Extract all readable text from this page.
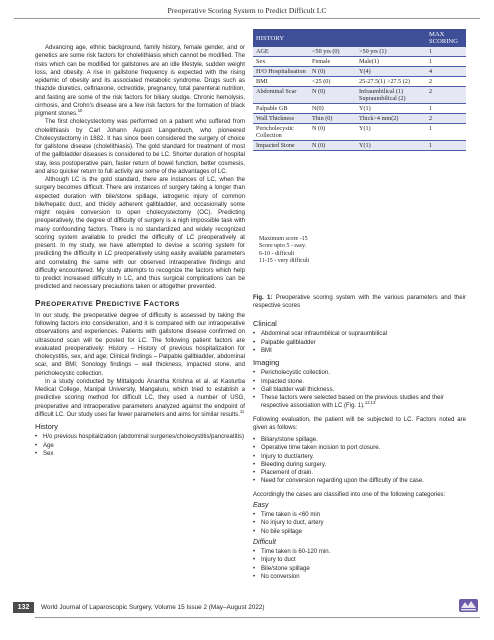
Preoperative Scoring System to Predict Difficult LC

Advancing age, ethnic background, family history, female gender, and or genetics are some risk factors for cholelithiasis which cannot be modified. The risks which can be modified for gallstones are an idle lifestyle, sudden weight loss, and obesity. A rise in gallstone frequency is expected with the rising epidemic of obesity and its associated metabolic syndrome. Drugs such as thiazide diuretics, ceftriaxone, octreotide, pregnancy, total parenteral nutrition, and fasting are some of the risk factors for biliary sludge. Chronic hemolysis, cirrhosis, and Crohn's disease are a few risk factors for the formation of black pigment stones.$^{10}$

The first cholecystectomy was performed on a patient who suffered from cholelithiasis by Carl Johann August Langenbuch, who pioneered Cholecystectomy in 1882. It has since been considered the surgery of choice for gallstone disease (cholelithiasis). The gold standard for treatment of most of the gallbladder diseases is considered to be LC. Shorter duration of hospital stay, less postoperative pain, faster return of bowel function, better cosmesis, and also quicker return to full activity are some of the advantages of LC.

Although LC is the gold standard, there are instances of LC, when the surgery becomes difficult. There are instances of surgery taking a longer than expected duration with bile/stone spillage, iatrogenic injury of common bile/hepatic duct, and thickly adherent gallbladder, and occasionally some might require conversion to open cholecystectomy (OC). Predicting preoperatively, the degree of difficulty of surgery is a nigh impossible task with many confounding factors. There is no standardized and widely recognized scoring system available to predict the difficulty of LC preoperatively at present. In my study, we have attempted to devise a scoring system for predicting the difficulty in LC preoperatively using easily available parameters and correlating the same with our observed intraoperative findings and difficulty encountered. My study attempts to recognize the factors which help to predict increased difficulty in LC, and thus surgical complications can be predicted and necessary precautions taken or altogether prevented.

PREOPERATIVE PREDICTIVE FACTORS

In our study, the preoperative degree of difficulty is assessed by taking the following factors into consideration, and it is compared with our intraoperative observations and experiences. Patients with gallstone disease confirmed on ultrasound scan will be posted for LC. The following patient factors are evaluated preoperatively: History – History of previous hospitalization for cholecystitis, sex, and age; Clinical findings – Palpable gallbladder, abdominal scar, and BMI; Sonology findings – wall thickness, impacted stone, and pericholecystic collection.

In a study conducted by Mittalgodu Anantha Krishna et al. at Kasturba Medical College, Manipal University, Mangaluru, which tried to establish a predictive scoring method for difficult LC, they used a number of USG, preoperative and intraoperative parameters analyzed against the endpoint of difficult LC. Our study uses far fewer parameters and aims for similar results.$^{11}$

History
• H/o previous hospitalization (abdominal surgeries/cholecystitis/pancreatitis)
• Age
• Sex
HISTORY			MAX SCORING
AGE	<50 yrs (0)	>50 yrs (1)	1
Sex	Female	Male(1)	1
H/O Hospitalisation	N (0)	Y(4)	4
BMI	<25 (0)	25-27.5(1) >27.5 (2)	2
Abdominal Scar	N (0)	Infraumbilical (1) Supraumbilical (2)	2
Palpable GB	N(0)	Y(1)	1
Wall Thickness	Thin (0)	Thick>4 mm(2)	2
Pericholecystic Collection	N (0)	Y(1)	1
Impacted Stone	N (0)	Y(1)	1
Maximum score -15
Score upto 5 - easy.
6-10 - difficult
11-15 - very difficult
Fig. 1: Preoperative scoring system with the various parameters and their respective scores
Clinical
• Abdominal scar infraumbilical or supraumbilical
• Palpable gallbladder
• BMI
Imaging
• Pericholecystic collection.
• Impacted stone.
• Gall bladder wall thickness.
• These factors were selected based on the previous studies and their respective association with LC (Fig. 1).$^{12,13}$

Following evaluation, the patient will be subjected to LC. Factors noted are given as follows:

• Biliary/stone spillage.
• Operative time taken incision to port closure.
• Injury to duct/artery.
• Bleeding during surgery.
• Placement of drain.
• Need for conversion regarding upon the difficulty of the case.

Accordingly the cases are classified into one of the following categories:

Easy
• Time taken is <60 min
• No injury to duct, artery
• No bile spillage
Difficult
• Time taken is 60-120 min.
• Injury to duct
• Bile/stone spillage
• No conversion
132	World Journal of Laparoscopic Surgery, Volume 15 Issue 2 (May–August 2022)
